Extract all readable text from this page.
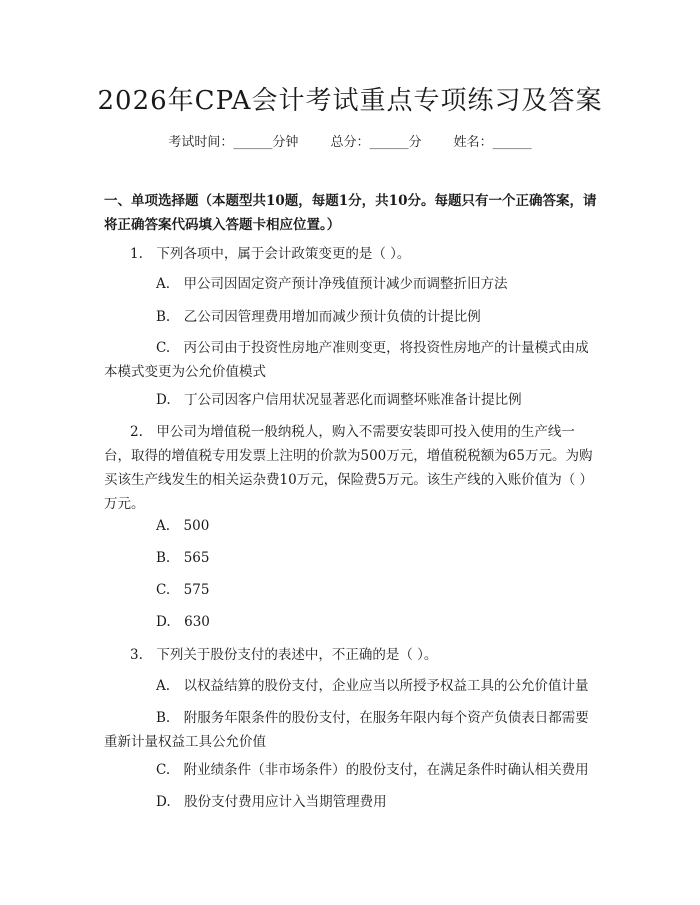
2026年CPA会计考试重点专项练习及答案
考试时间：______分钟 总分：______分 姓名：______
一、单项选择题（本题型共10题，每题1分，共10分。每题只有一个正确答案，请将正确答案代码填入答题卡相应位置。）
1.　下列各项中，属于会计政策变更的是（ ）。
A.　甲公司因固定资产预计净残值预计减少而调整折旧方法
B.　乙公司因管理费用增加而减少预计负债的计提比例
C.　丙公司由于投资性房地产准则变更，将投资性房地产的计量模式由成本模式变更为公允价值模式
D.　丁公司因客户信用状况显著恶化而调整坏账准备计提比例
2.　甲公司为增值税一般纳税人，购入不需要安装即可投入使用的生产线一台，取得的增值税专用发票上注明的价款为500万元，增值税税额为65万元。为购买该生产线发生的相关运杂费10万元，保险费5万元。该生产线的入账价值为（ ）万元。
A.　500
B.　565
C.　575
D.　630
3.　下列关于股份支付的表述中，不正确的是（ ）。
A.　以权益结算的股份支付，企业应当以所授予权益工具的公允价值计量
B.　附服务年限条件的股份支付，在服务年限内每个资产负债表日都需要重新计量权益工具公允价值
C.　附业绩条件（非市场条件）的股份支付，在满足条件时确认相关费用
D.　股份支付费用应计入当期管理费用
